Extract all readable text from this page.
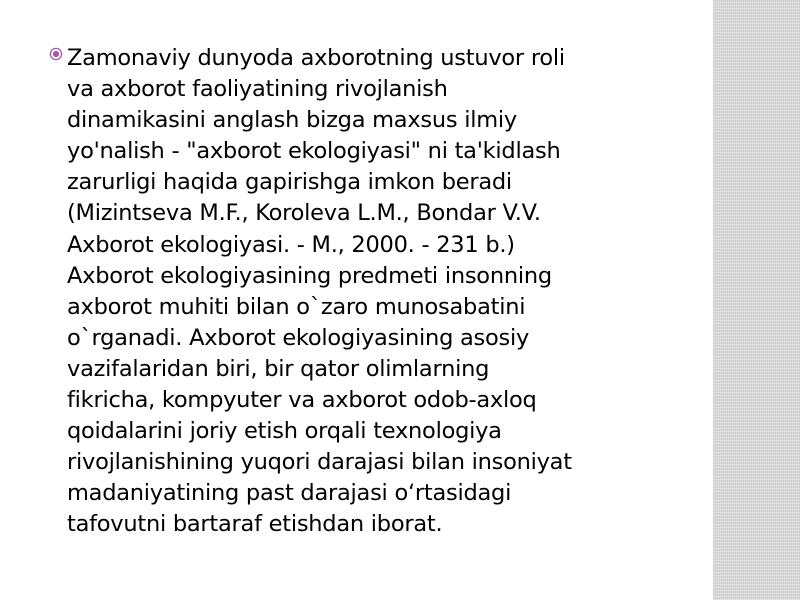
Zamonaviy dunyoda axborotning ustuvor roli
va axborot faoliyatining rivojlanish
dinamikasini anglash bizga maxsus ilmiy
yo'nalish - "axborot ekologiyasi" ni ta'kidlash
zarurligi haqida gapirishga imkon beradi
(Mizintseva M.F., Koroleva L.M., Bondar V.V.
Axborot ekologiyasi. - M., 2000. - 231 b.)
Axborot ekologiyasining predmeti insonning
axborot muhiti bilan o`zaro munosabatini
o`rganadi. Axborot ekologiyasining asosiy
vazifalaridan biri, bir qator olimlarning
fikricha, kompyuter va axborot odob-axloq
qoidalarini joriy etish orqali texnologiya
rivojlanishining yuqori darajasi bilan insoniyat
madaniyatining past darajasi o‘rtasidagi
tafovutni bartaraf etishdan iborat.
